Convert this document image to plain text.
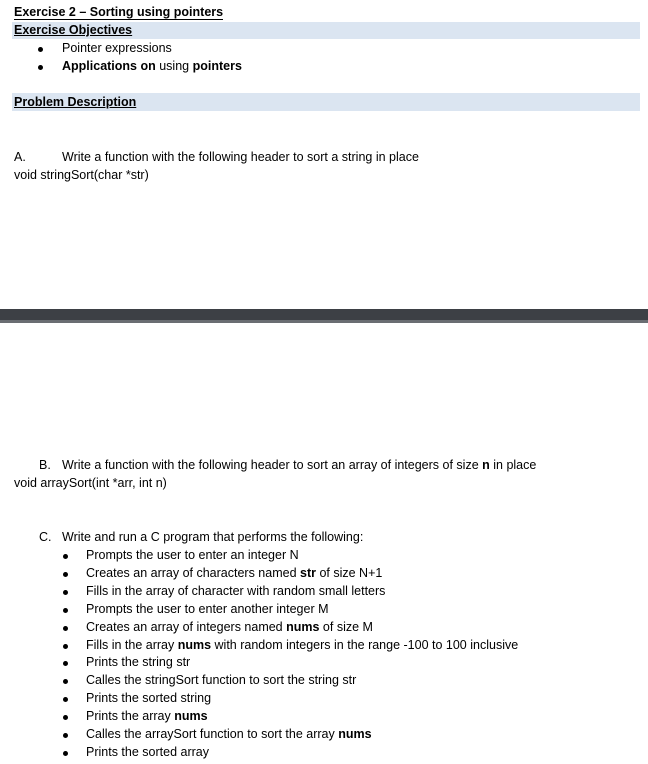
Exercise 2 – Sorting using pointers
Exercise Objectives
Pointer expressions
Applications on using pointers
Problem Description
A.	Write a function with the following header to sort a string in place
void stringSort(char *str)
B. Write a function with the following header to sort an array of integers of size n in place
void arraySort(int *arr, int n)
C. Write and run a C program that performs the following:
Prompts the user to enter an integer N
Creates an array of characters named str of size N+1
Fills in the array of character with random small letters
Prompts the user to enter another integer M
Creates an array of integers named nums of size M
Fills in the array nums with random integers in the range -100 to 100 inclusive
Prints the string str
Calles the stringSort function to sort the string str
Prints the sorted string
Prints the array nums
Calles the arraySort function to sort the array nums
Prints the sorted array
